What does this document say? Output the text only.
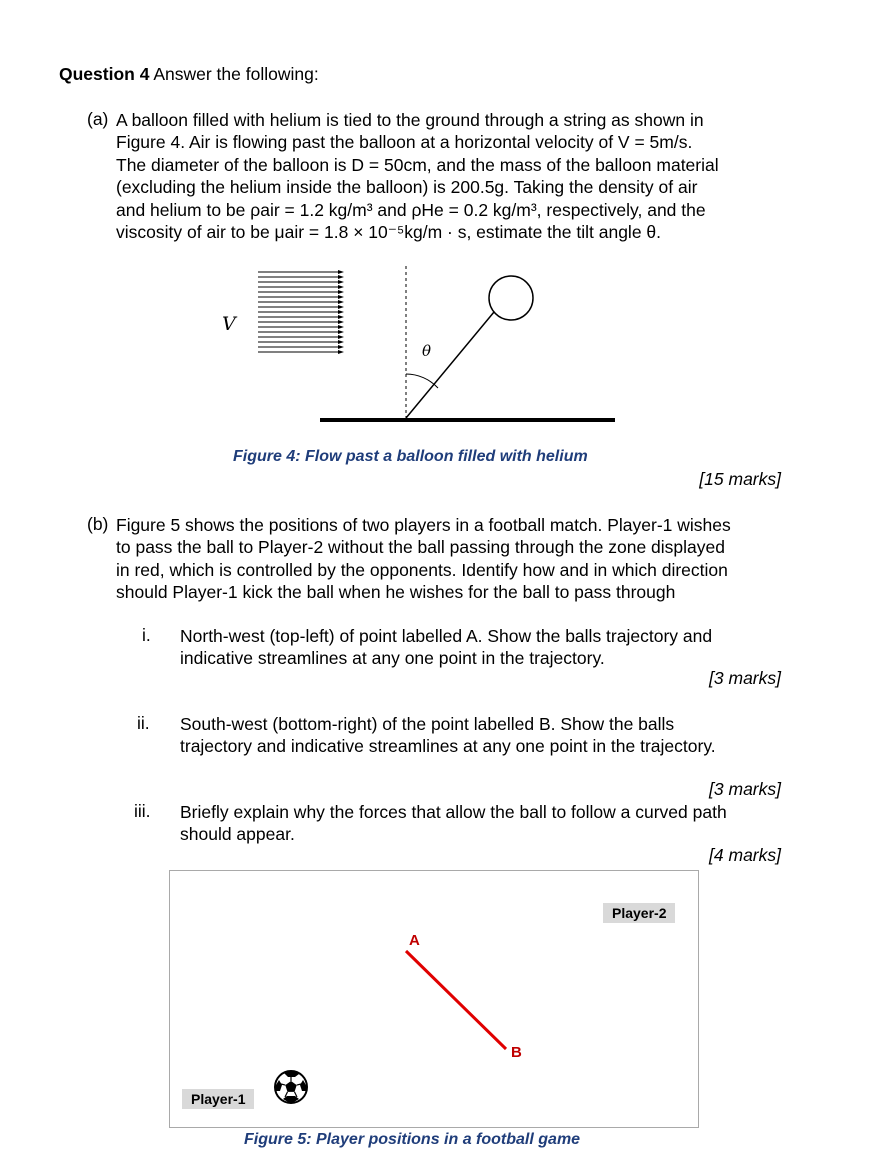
Question 4 Answer the following:
(a) A balloon filled with helium is tied to the ground through a string as shown in
Figure 4. Air is flowing past the balloon at a horizontal velocity of V = 5m/s.
The diameter of the balloon is D = 50cm, and the mass of the balloon material
(excluding the helium inside the balloon) is 200.5g. Taking the density of air
and helium to be ρair = 1.2 kg/m³ and ρHe = 0.2 kg/m³, respectively, and the
viscosity of air to be μair = 1.8 × 10⁻⁵kg/m · s, estimate the tilt angle θ.
V
θ
Figure 4: Flow past a balloon filled with helium
[15 marks]
(b) Figure 5 shows the positions of two players in a football match. Player-1 wishes
to pass the ball to Player-2 without the ball passing through the zone displayed
in red, which is controlled by the opponents. Identify how and in which direction
should Player-1 kick the ball when he wishes for the ball to pass through
i. North-west (top-left) of point labelled A. Show the balls trajectory and
indicative streamlines at any one point in the trajectory.
[3 marks]
ii. South-west (bottom-right) of the point labelled B. Show the balls
trajectory and indicative streamlines at any one point in the trajectory.
[3 marks]
iii. Briefly explain why the forces that allow the ball to follow a curved path
should appear.
[4 marks]
A
B
Player-2
Player-1
Figure 5: Player positions in a football game
